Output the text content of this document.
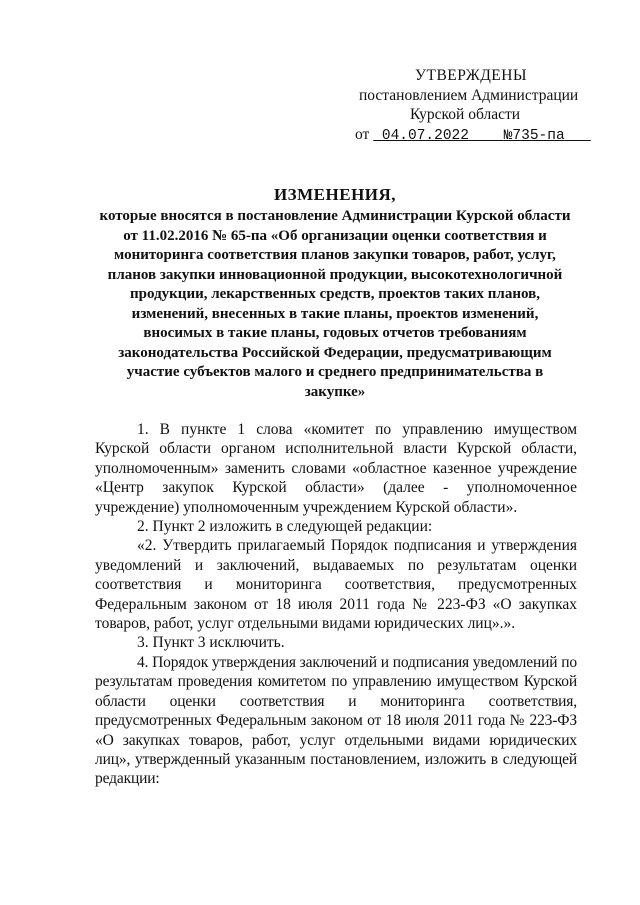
УТВЕРЖДЕНЫ
постановлением Администрации
Курской области
от 04.07.2022 №735-па
ИЗМЕНЕНИЯ,
которые вносятся в постановление Администрации Курской области
от 11.02.2016 № 65-па «Об организации оценки соответствия и
мониторинга соответствия планов закупки товаров, работ, услуг,
планов закупки инновационной продукции, высокотехнологичной
продукции, лекарственных средств, проектов таких планов,
изменений, внесенных в такие планы, проектов изменений,
вносимых в такие планы, годовых отчетов требованиям
законодательства Российской Федерации, предусматривающим
участие субъектов малого и среднего предпринимательства в
закупке»

1. В пункте 1 слова «комитет по управлению имуществом Курской области органом исполнительной власти Курской области, уполномоченным» заменить словами «областное казенное учреждение «Центр закупок Курской области» (далее - уполномоченное учреждение) уполномоченным учреждением Курской области».

2. Пункт 2 изложить в следующей редакции:

«2. Утвердить прилагаемый Порядок подписания и утверждения уведомлений и заключений, выдаваемых по результатам оценки соответствия и мониторинга соответствия, предусмотренных Федеральным законом от 18 июля 2011 года № 223-ФЗ «О закупках товаров, работ, услуг отдельными видами юридических лиц».».

3. Пункт 3 исключить.

4. Порядок утверждения заключений и подписания уведомлений по результатам проведения комитетом по управлению имуществом Курской области оценки соответствия и мониторинга соответствия, предусмотренных Федеральным законом от 18 июля 2011 года № 223-ФЗ «О закупках товаров, работ, услуг отдельными видами юридических лиц», утвержденный указанным постановлением, изложить в следующей редакции:
